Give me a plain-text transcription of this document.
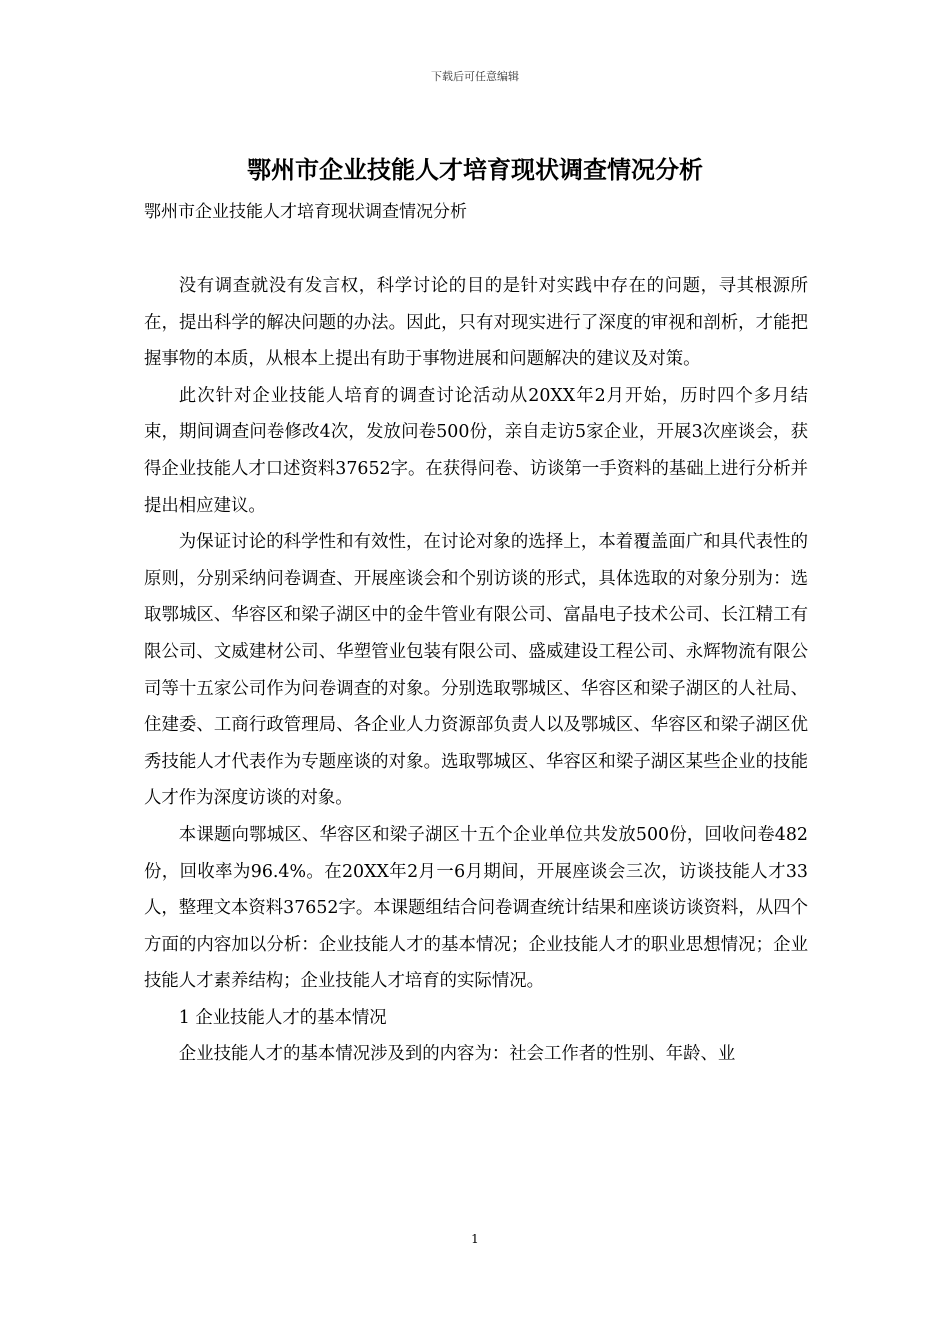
下载后可任意编辑
鄂州市企业技能人才培育现状调查情况分析

鄂州市企业技能人才培育现状调查情况分析

没有调查就没有发言权，科学讨论的目的是针对实践中存在的问题，寻其根源所在，提出科学的解决问题的办法。因此，只有对现实进行了深度的审视和剖析，才能把握事物的本质，从根本上提出有助于事物进展和问题解决的建议及对策。

此次针对企业技能人培育的调查讨论活动从20XX年2月开始，历时四个多月结束，期间调查问卷修改4次，发放问卷500份，亲自走访5家企业，开展3次座谈会，获得企业技能人才口述资料37652字。在获得问卷、访谈第一手资料的基础上进行分析并提出相应建议。

为保证讨论的科学性和有效性，在讨论对象的选择上，本着覆盖面广和具代表性的原则，分别采纳问卷调查、开展座谈会和个别访谈的形式，具体选取的对象分别为：选取鄂城区、华容区和梁子湖区中的金牛管业有限公司、富晶电子技术公司、长江精工有限公司、文威建材公司、华塑管业包装有限公司、盛威建设工程公司、永辉物流有限公司等十五家公司作为问卷调查的对象。分别选取鄂城区、华容区和梁子湖区的人社局、住建委、工商行政管理局、各企业人力资源部负责人以及鄂城区、华容区和梁子湖区优秀技能人才代表作为专题座谈的对象。选取鄂城区、华容区和梁子湖区某些企业的技能人才作为深度访谈的对象。

本课题向鄂城区、华容区和梁子湖区十五个企业单位共发放500份，回收问卷482份，回收率为96.4%。在20XX年2月一6月期间，开展座谈会三次，访谈技能人才33人，整理文本资料37652字。本课题组结合问卷调查统计结果和座谈访谈资料，从四个方面的内容加以分析：企业技能人才的基本情况；企业技能人才的职业思想情况；企业技能人才素养结构；企业技能人才培育的实际情况。

1 企业技能人才的基本情况

企业技能人才的基本情况涉及到的内容为：社会工作者的性别、年龄、业

1
